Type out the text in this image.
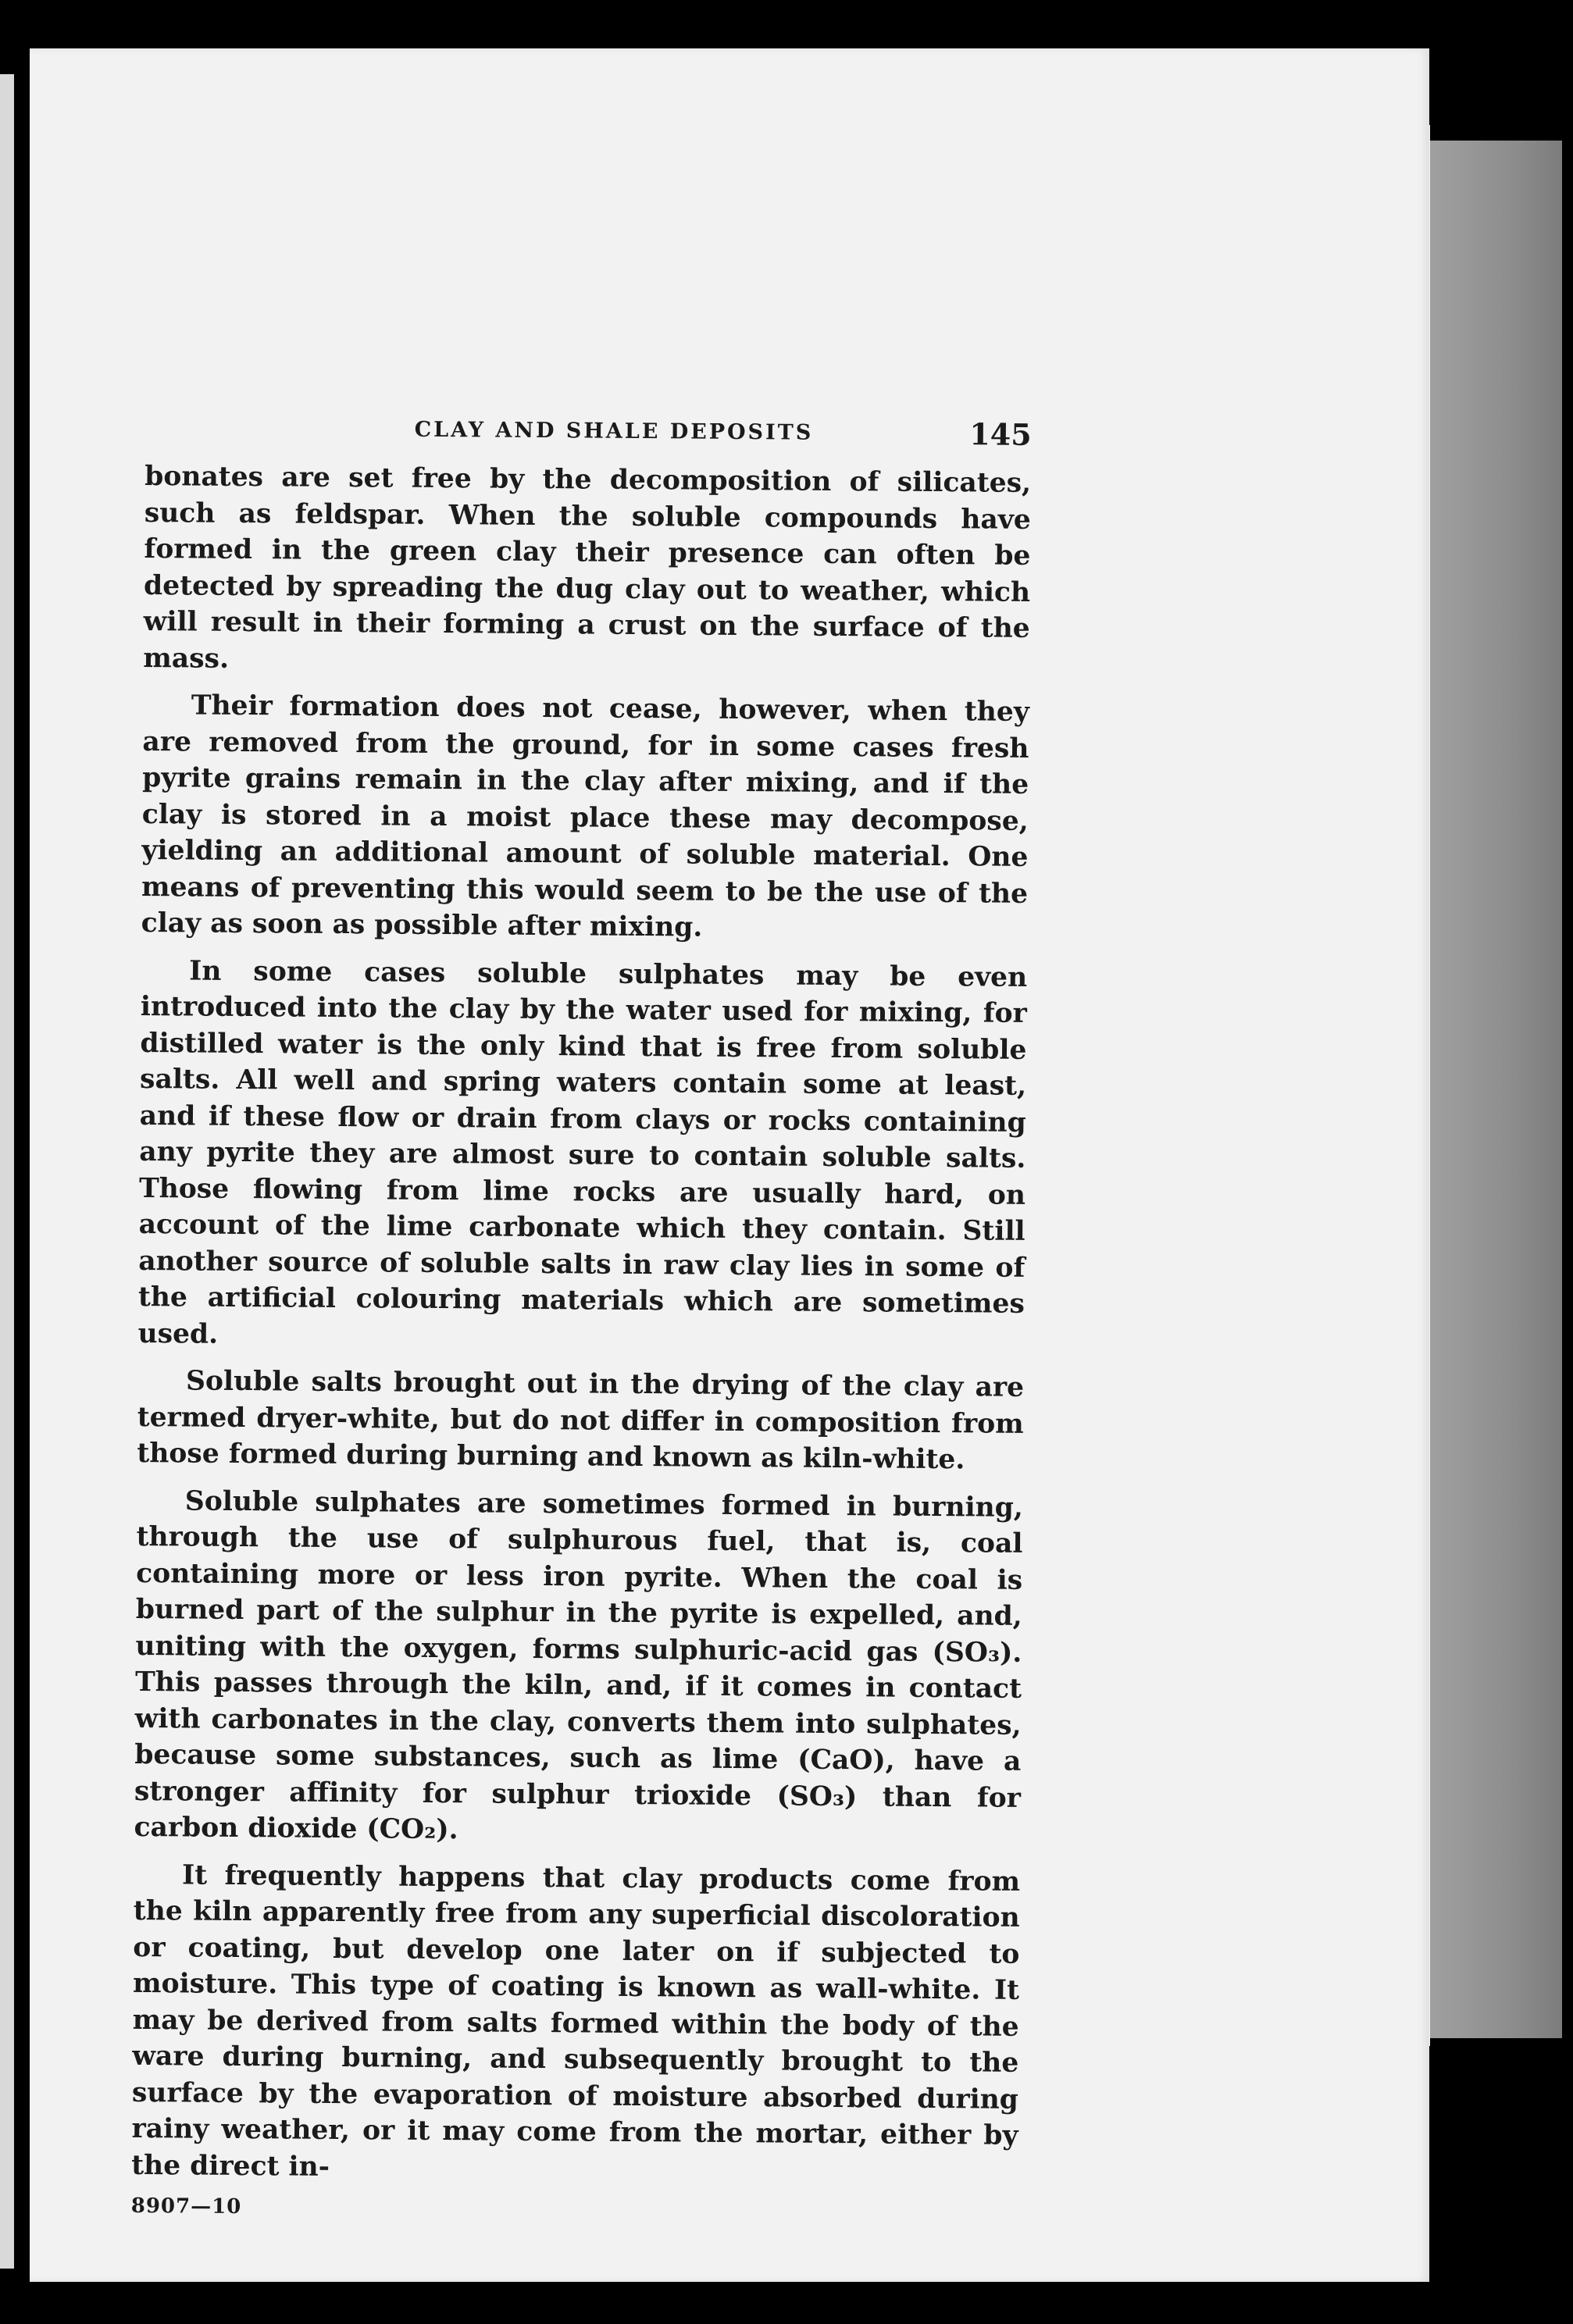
CLAY AND SHALE DEPOSITS	145

bonates are set free by the decomposition of silicates, such as feldspar. When the soluble compounds have formed in the green clay their presence can often be detected by spreading the dug clay out to weather, which will result in their forming a crust on the surface of the mass.

Their formation does not cease, however, when they are removed from the ground, for in some cases fresh pyrite grains remain in the clay after mixing, and if the clay is stored in a moist place these may decompose, yielding an additional amount of soluble material. One means of preventing this would seem to be the use of the clay as soon as possible after mixing.

In some cases soluble sulphates may be even introduced into the clay by the water used for mixing, for distilled water is the only kind that is free from soluble salts. All well and spring waters contain some at least, and if these flow or drain from clays or rocks containing any pyrite they are almost sure to contain soluble salts. Those flowing from lime rocks are usually hard, on account of the lime carbonate which they contain. Still another source of soluble salts in raw clay lies in some of the artificial colouring materials which are sometimes used.

Soluble salts brought out in the drying of the clay are termed dryer-white, but do not differ in composition from those formed during burning and known as kiln-white.

Soluble sulphates are sometimes formed in burning, through the use of sulphurous fuel, that is, coal containing more or less iron pyrite. When the coal is burned part of the sulphur in the pyrite is expelled, and, uniting with the oxygen, forms sulphuric-acid gas (SO₃). This passes through the kiln, and, if it comes in contact with carbonates in the clay, converts them into sulphates, because some substances, such as lime (CaO), have a stronger affinity for sulphur trioxide (SO₃) than for carbon dioxide (CO₂).

It frequently happens that clay products come from the kiln apparently free from any superficial discoloration or coating, but develop one later on if subjected to moisture. This type of coating is known as wall-white. It may be derived from salts formed within the body of the ware during burning, and subsequently brought to the surface by the evaporation of moisture absorbed during rainy weather, or it may come from the mortar, either by the direct in-

8907—10
